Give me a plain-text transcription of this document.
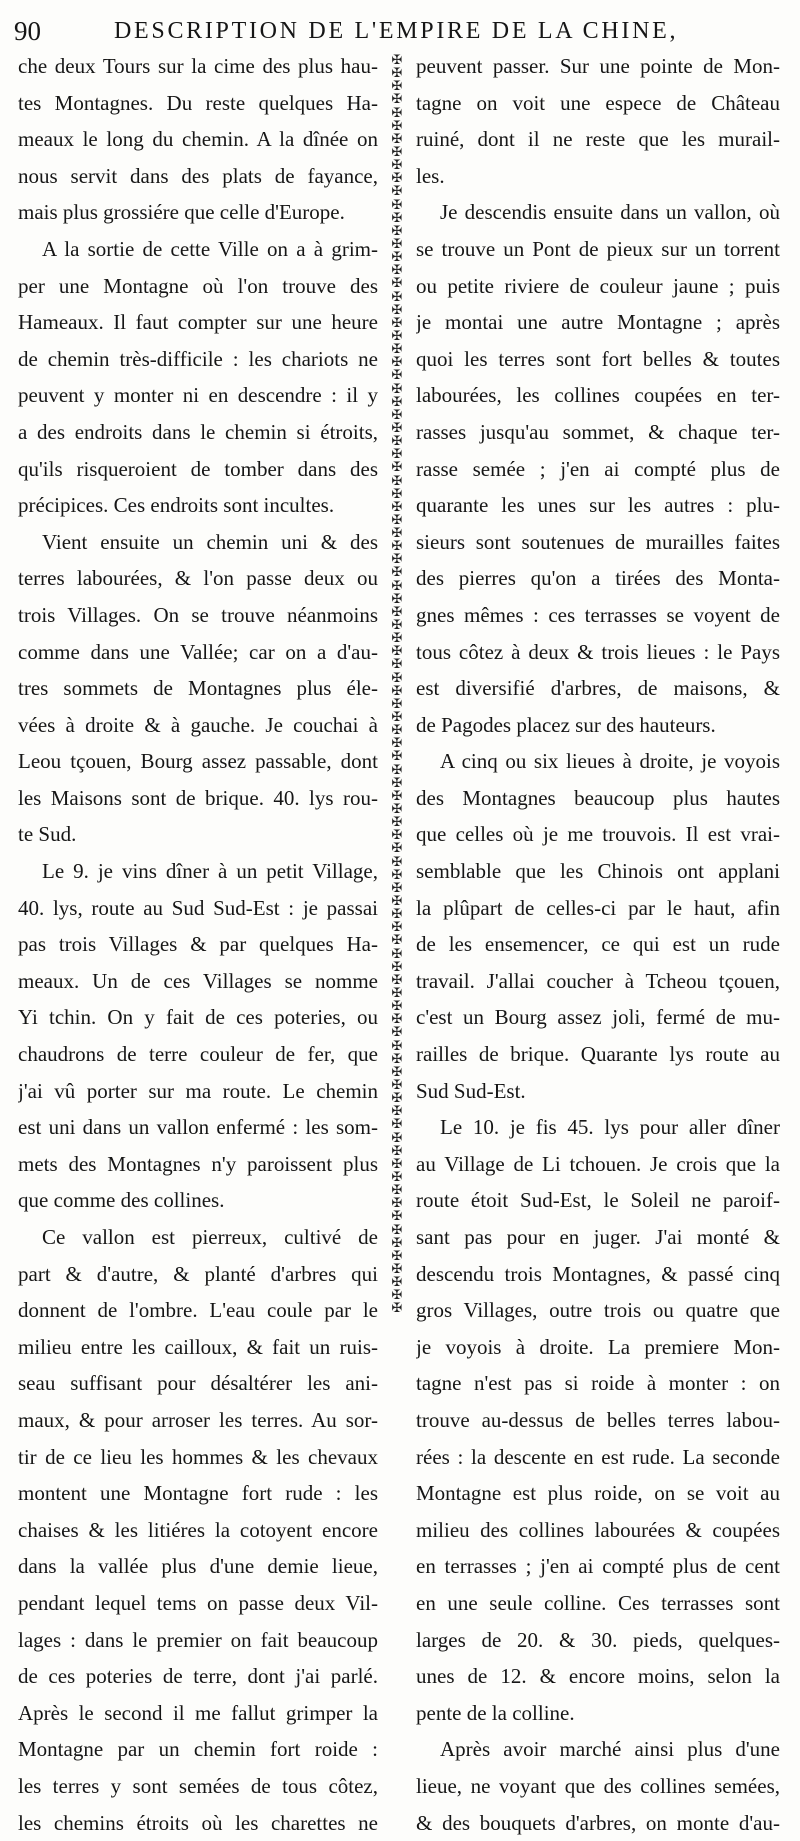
90	DESCRIPTION DE L'EMPIRE DE LA CHINE,
che deux Tours sur la cime des plus hau-
tes Montagnes. Du reste quelques Ha-
meaux le long du chemin. A la dînée on
nous servit dans des plats de fayance,
mais plus grossiére que celle d'Europe.
A la sortie de cette Ville on a à grim-
per une Montagne où l'on trouve des
Hameaux. Il faut compter sur une heure
de chemin très-difficile : les chariots ne
peuvent y monter ni en descendre : il y
a des endroits dans le chemin si étroits,
qu'ils risqueroient de tomber dans des
précipices. Ces endroits sont incultes.
Vient ensuite un chemin uni & des
terres labourées, & l'on passe deux ou
trois Villages. On se trouve néanmoins
comme dans une Vallée; car on a d'au-
tres sommets de Montagnes plus éle-
vées à droite & à gauche. Je couchai à
Leou tçouen, Bourg assez passable, dont
les Maisons sont de brique. 40. lys rou-
te Sud.
Le 9. je vins dîner à un petit Village,
40. lys, route au Sud Sud-Est : je passai
pas trois Villages & par quelques Ha-
meaux. Un de ces Villages se nomme
Yi tchin. On y fait de ces poteries, ou
chaudrons de terre couleur de fer, que
j'ai vû porter sur ma route. Le chemin
est uni dans un vallon enfermé : les som-
mets des Montagnes n'y paroissent plus
que comme des collines.
Ce vallon est pierreux, cultivé de
part & d'autre, & planté d'arbres qui
donnent de l'ombre. L'eau coule par le
milieu entre les cailloux, & fait un ruis-
seau suffisant pour désaltérer les ani-
maux, & pour arroser les terres. Au sor-
tir de ce lieu les hommes & les chevaux
montent une Montagne fort rude : les
chaises & les litiéres la cotoyent encore
dans la vallée plus d'une demie lieue,
pendant lequel tems on passe deux Vil-
lages : dans le premier on fait beaucoup
de ces poteries de terre, dont j'ai parlé.
Après le second il me fallut grimper la
Montagne par un chemin fort roide :
les terres y sont semées de tous côtez,
les chemins étroits où les charettes ne
✠
✠
✠
✠
✠
✠
✠
✠
✠
✠
✠
✠
✠
✠
✠
✠
✠
✠
✠
✠
✠
✠
✠
✠
✠
✠
✠
✠
✠
✠
✠
✠
✠
✠
✠
✠
✠
✠
✠
✠
✠
✠
✠
✠
✠
✠
✠
✠
✠
✠
✠
✠
✠
✠
✠
✠
✠
✠
✠
✠
✠
✠
✠
✠
✠
✠
✠
✠
✠
✠
✠
✠
✠
✠
✠
✠
✠
✠
✠
✠
✠
✠
✠
✠
✠
✠
✠
✠
✠
✠
✠
✠
✠
✠
✠
✠
peuvent passer. Sur une pointe de Mon-
tagne on voit une espece de Château
ruiné, dont il ne reste que les murail-
les.
Je descendis ensuite dans un vallon, où
se trouve un Pont de pieux sur un torrent
ou petite riviere de couleur jaune ; puis
je montai une autre Montagne ; après
quoi les terres sont fort belles & toutes
labourées, les collines coupées en ter-
rasses jusqu'au sommet, & chaque ter-
rasse semée ; j'en ai compté plus de
quarante les unes sur les autres : plu-
sieurs sont soutenues de murailles faites
des pierres qu'on a tirées des Monta-
gnes mêmes : ces terrasses se voyent de
tous côtez à deux & trois lieues : le Pays
est diversifié d'arbres, de maisons, &
de Pagodes placez sur des hauteurs.
A cinq ou six lieues à droite, je voyois
des Montagnes beaucoup plus hautes
que celles où je me trouvois. Il est vrai-
semblable que les Chinois ont applani
la plûpart de celles-ci par le haut, afin
de les ensemencer, ce qui est un rude
travail. J'allai coucher à Tcheou tçouen,
c'est un Bourg assez joli, fermé de mu-
railles de brique. Quarante lys route au
Sud Sud-Est.
Le 10. je fis 45. lys pour aller dîner
au Village de Li tchouen. Je crois que la
route étoit Sud-Est, le Soleil ne paroif-
sant pas pour en juger. J'ai monté &
descendu trois Montagnes, & passé cinq
gros Villages, outre trois ou quatre que
je voyois à droite. La premiere Mon-
tagne n'est pas si roide à monter : on
trouve au-dessus de belles terres labou-
rées : la descente en est rude. La seconde
Montagne est plus roide, on se voit au
milieu des collines labourées & coupées
en terrasses ; j'en ai compté plus de cent
en une seule colline. Ces terrasses sont
larges de 20. & 30. pieds, quelques-
unes de 12. & encore moins, selon la
pente de la colline.
Après avoir marché ainsi plus d'une
lieue, ne voyant que des collines semées,
& des bouquets d'arbres, on monte d'au-
